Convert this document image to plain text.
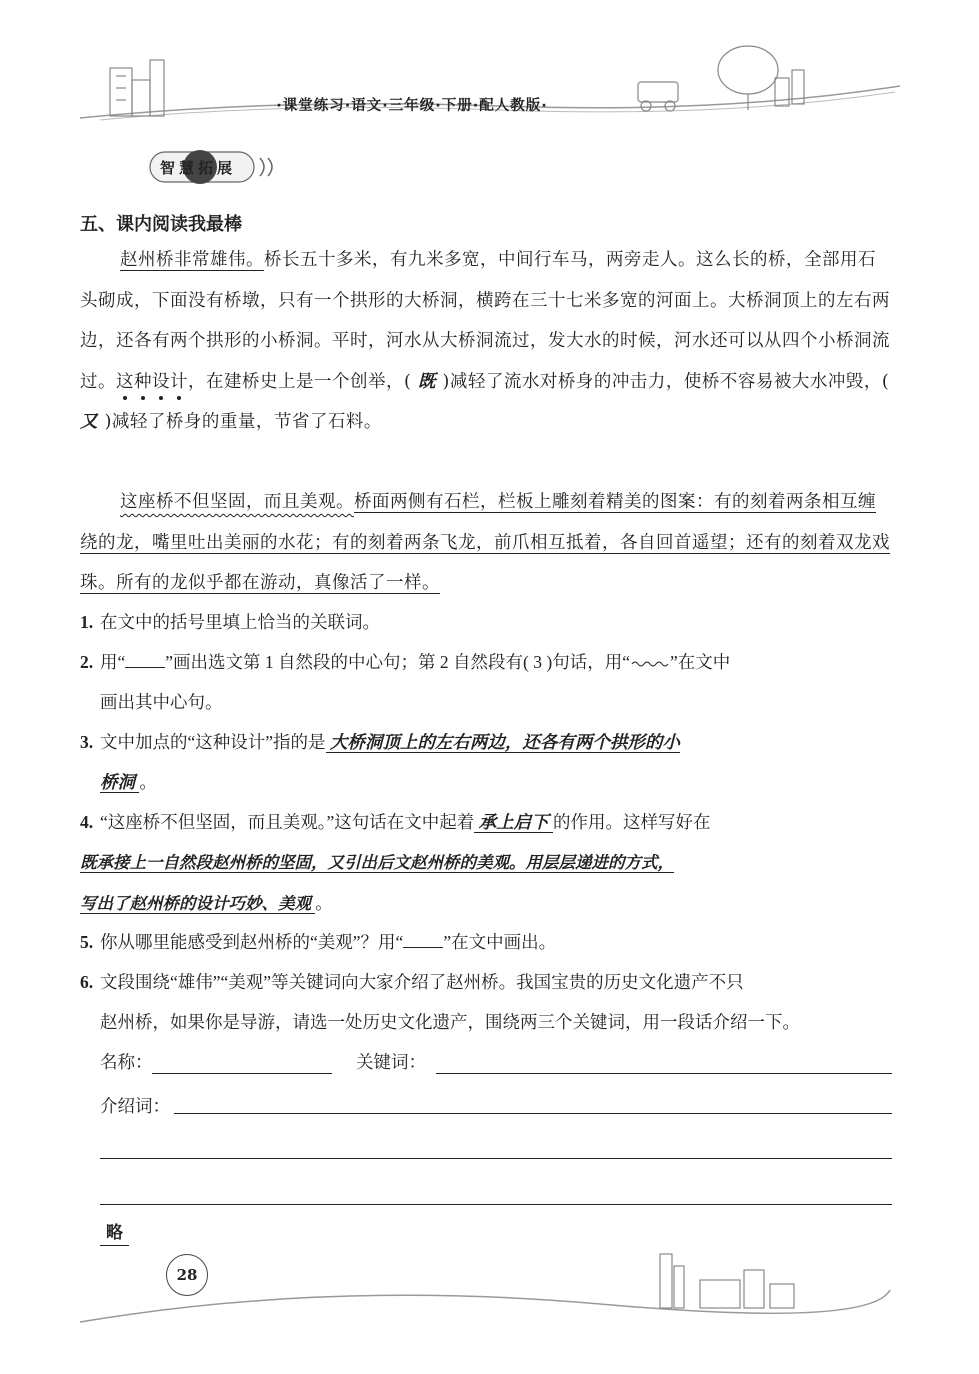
·课堂练习·语文·三年级·下册·配人教版·
智慧拓展
五、课内阅读我最棒
赵州桥非常雄伟。桥长五十多米，有九米多宽，中间行车马，两旁走人。这么长的桥，全部用石头砌成，下面没有桥墩，只有一个拱形的大桥洞，横跨在三十七米多宽的河面上。大桥洞顶上的左右两边，还各有两个拱形的小桥洞。平时，河水从大桥洞流过，发大水的时候，河水还可以从四个小桥洞流过。这种设计，在建桥史上是一个创举，( 既 )减轻了流水对桥身的冲击力，使桥不容易被大水冲毁，( 又 )减轻了桥身的重量，节省了石料。
这座桥不但坚固，而且美观。桥面两侧有石栏，栏板上雕刻着精美的图案：有的刻着两条相互缠绕的龙，嘴里吐出美丽的水花；有的刻着两条飞龙，前爪相互抵着，各自回首遥望；还有的刻着双龙戏珠。所有的龙似乎都在游动，真像活了一样。
1. 在文中的括号里填上恰当的关联词。
2. 用“ ”画出选文第 1 自然段的中心句；第 2 自然段有( 3 )句话，用“ ”在文中
画出其中心句。
3. 文中加点的“这种设计”指的是 大桥洞顶上的左右两边，还各有两个拱形的小
桥洞 。
4. “这座桥不但坚固，而且美观。”这句话在文中起着 承上启下 的作用。这样写好在
既承接上一自然段赵州桥的坚固，又引出后文赵州桥的美观。用层层递进的方式，
写出了赵州桥的设计巧妙、美观 。
5. 你从哪里能感受到赵州桥的“美观”？用“ ”在文中画出。
6. 文段围绕“雄伟”“美观”等关键词向大家介绍了赵州桥。我国宝贵的历史文化遗产不只
赵州桥，如果你是导游，请选一处历史文化遗产，围绕两三个关键词，用一段话介绍一下。
名称：	关键词：
介绍词：
略
28
